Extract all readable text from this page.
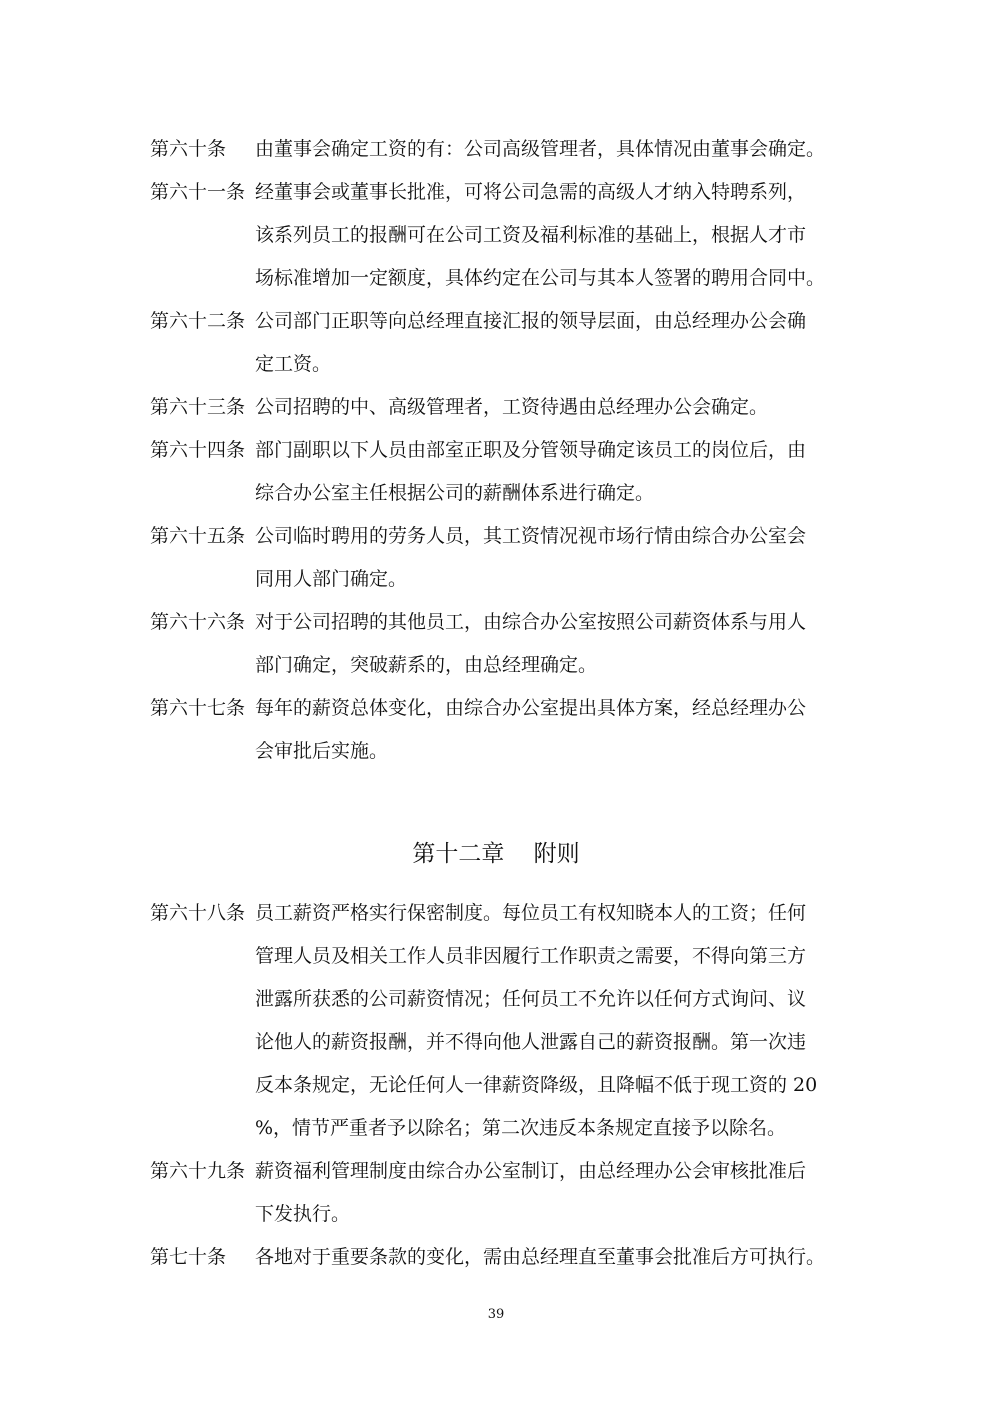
第六十条	由董事会确定工资的有：公司高级管理者，具体情况由董事会确定。
第六十一条 经董事会或董事长批准，可将公司急需的高级人才纳入特聘系列，
该系列员工的报酬可在公司工资及福利标准的基础上，根据人才市
场标准增加一定额度，具体约定在公司与其本人签署的聘用合同中。
第六十二条 公司部门正职等向总经理直接汇报的领导层面，由总经理办公会确
定工资。
第六十三条 公司招聘的中、高级管理者，工资待遇由总经理办公会确定。
第六十四条 部门副职以下人员由部室正职及分管领导确定该员工的岗位后，由
综合办公室主任根据公司的薪酬体系进行确定。
第六十五条 公司临时聘用的劳务人员，其工资情况视市场行情由综合办公室会
同用人部门确定。
第六十六条 对于公司招聘的其他员工，由综合办公室按照公司薪资体系与用人
部门确定，突破薪系的，由总经理确定。
第六十七条 每年的薪资总体变化，由综合办公室提出具体方案，经总经理办公
会审批后实施。
第十二章    附则
第六十八条 员工薪资严格实行保密制度。每位员工有权知晓本人的工资；任何
管理人员及相关工作人员非因履行工作职责之需要，不得向第三方
泄露所获悉的公司薪资情况；任何员工不允许以任何方式询问、议
论他人的薪资报酬，并不得向他人泄露自己的薪资报酬。第一次违
反本条规定，无论任何人一律薪资降级，且降幅不低于现工资的 20
%，情节严重者予以除名；第二次违反本条规定直接予以除名。
第六十九条 薪资福利管理制度由综合办公室制订，由总经理办公会审核批准后
下发执行。
第七十条	各地对于重要条款的变化，需由总经理直至董事会批准后方可执行。
39
